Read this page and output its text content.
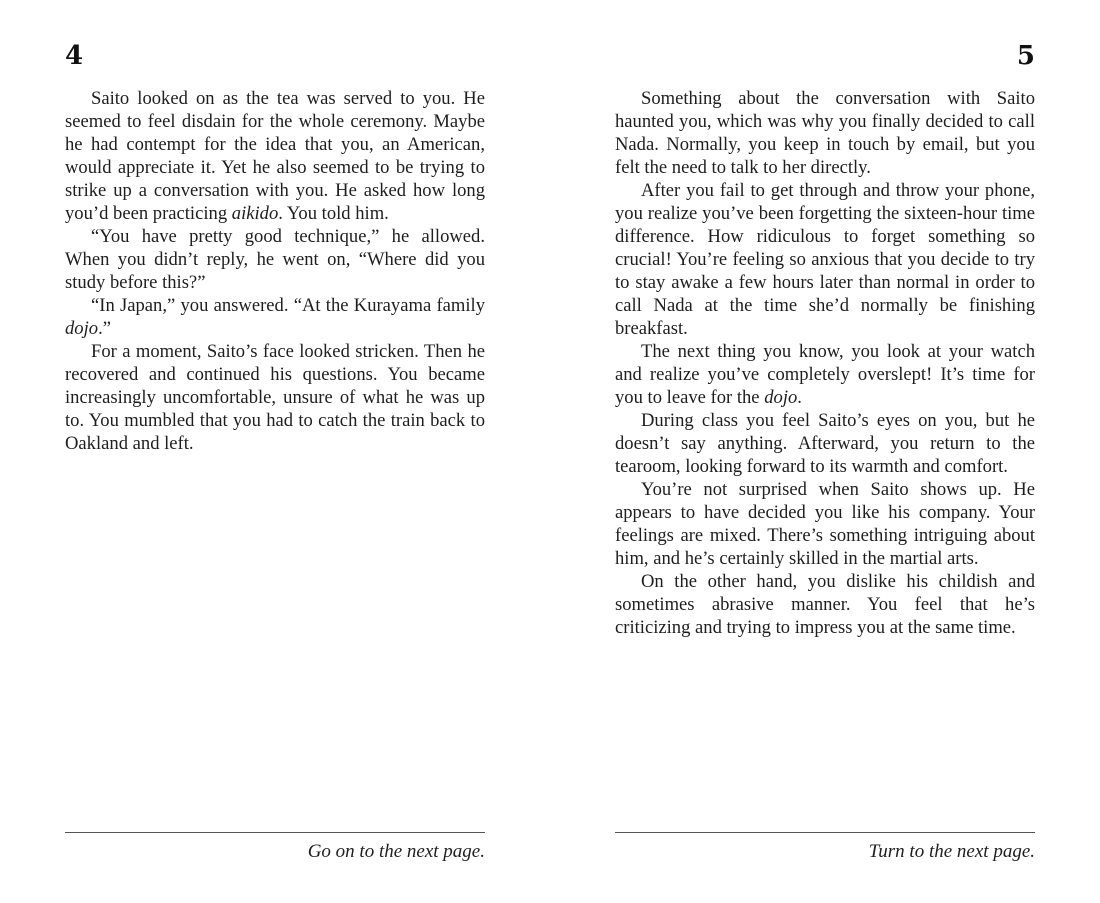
4

Saito looked on as the tea was served to you. He seemed to feel disdain for the whole ceremony. Maybe he had contempt for the idea that you, an American, would appreciate it. Yet he also seemed to be trying to strike up a conversation with you. He asked how long you’d been practicing aikido. You told him.

“You have pretty good technique,” he allowed. When you didn’t reply, he went on, “Where did you study before this?”

“In Japan,” you answered. “At the Kurayama family dojo.”

For a moment, Saito’s face looked stricken. Then he recovered and continued his questions. You became increasingly uncomfortable, unsure of what he was up to. You mumbled that you had to catch the train back to Oakland and left.

Go on to the next page.
5

Something about the conversation with Saito haunted you, which was why you finally decided to call Nada. Normally, you keep in touch by email, but you felt the need to talk to her directly.

After you fail to get through and throw your phone, you realize you’ve been forgetting the sixteen-hour time difference. How ridiculous to forget something so crucial! You’re feeling so anxious that you decide to try to stay awake a few hours later than normal in order to call Nada at the time she’d normally be finishing breakfast.

The next thing you know, you look at your watch and realize you’ve completely overslept! It’s time for you to leave for the dojo.

During class you feel Saito’s eyes on you, but he doesn’t say anything. Afterward, you return to the tearoom, looking forward to its warmth and comfort.

You’re not surprised when Saito shows up. He appears to have decided you like his company. Your feelings are mixed. There’s something intriguing about him, and he’s certainly skilled in the martial arts.

On the other hand, you dislike his childish and sometimes abrasive manner. You feel that he’s criticizing and trying to impress you at the same time.

Turn to the next page.
